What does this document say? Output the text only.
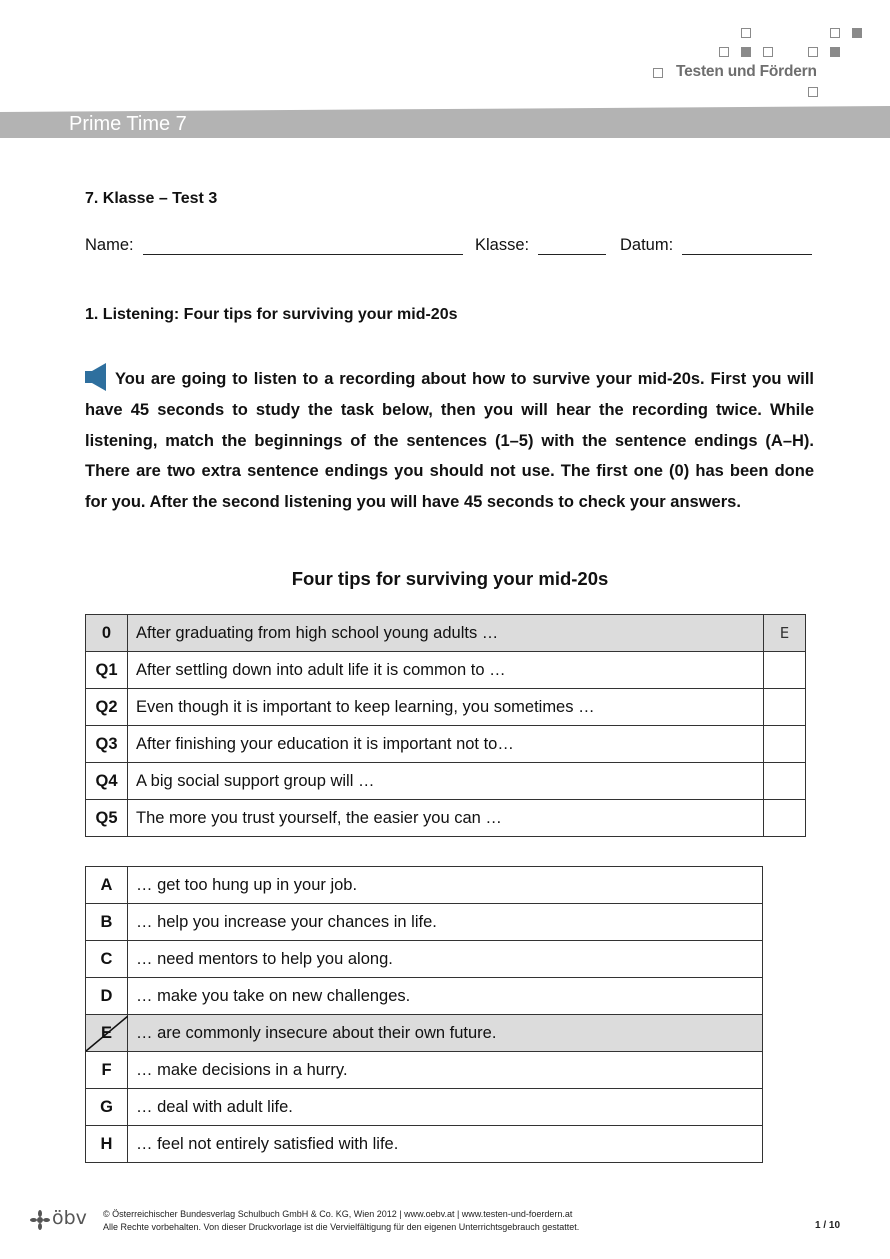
Testen und Fördern
Prime Time 7
7. Klasse – Test 3
Name:	Klasse:	Datum:
1. Listening: Four tips for surviving your mid-20s
You are going to listen to a recording about how to survive your mid-20s. First you will have 45 seconds to study the task below, then you will hear the recording twice. While listening, match the beginnings of the sentences (1–5) with the sentence endings (A–H). There are two extra sentence endings you should not use. The first one (0) has been done for you. After the second listening you will have 45 seconds to check your answers.
Four tips for surviving your mid-20s
0	After graduating from high school young adults …	E
Q1	After settling down into adult life it is common to …	
Q2	Even though it is important to keep learning, you sometimes …	
Q3	After finishing your education it is important not to…	
Q4	A big social support group will …	
Q5	The more you trust yourself, the easier you can …	
A	… get too hung up in your job.
B	… help you increase your chances in life.
C	… need mentors to help you along.
D	… make you take on new challenges.
E	… are commonly insecure about their own future.
F	… make decisions in a hurry.
G	… deal with adult life.
H	… feel not entirely satisfied with life.
öbv © Österreichischer Bundesverlag Schulbuch GmbH & Co. KG, Wien 2012 | www.oebv.at | www.testen-und-foerdern.at
Alle Rechte vorbehalten. Von dieser Druckvorlage ist die Vervielfältigung für den eigenen Unterrichtsgebrauch gestattet.	1 / 10
